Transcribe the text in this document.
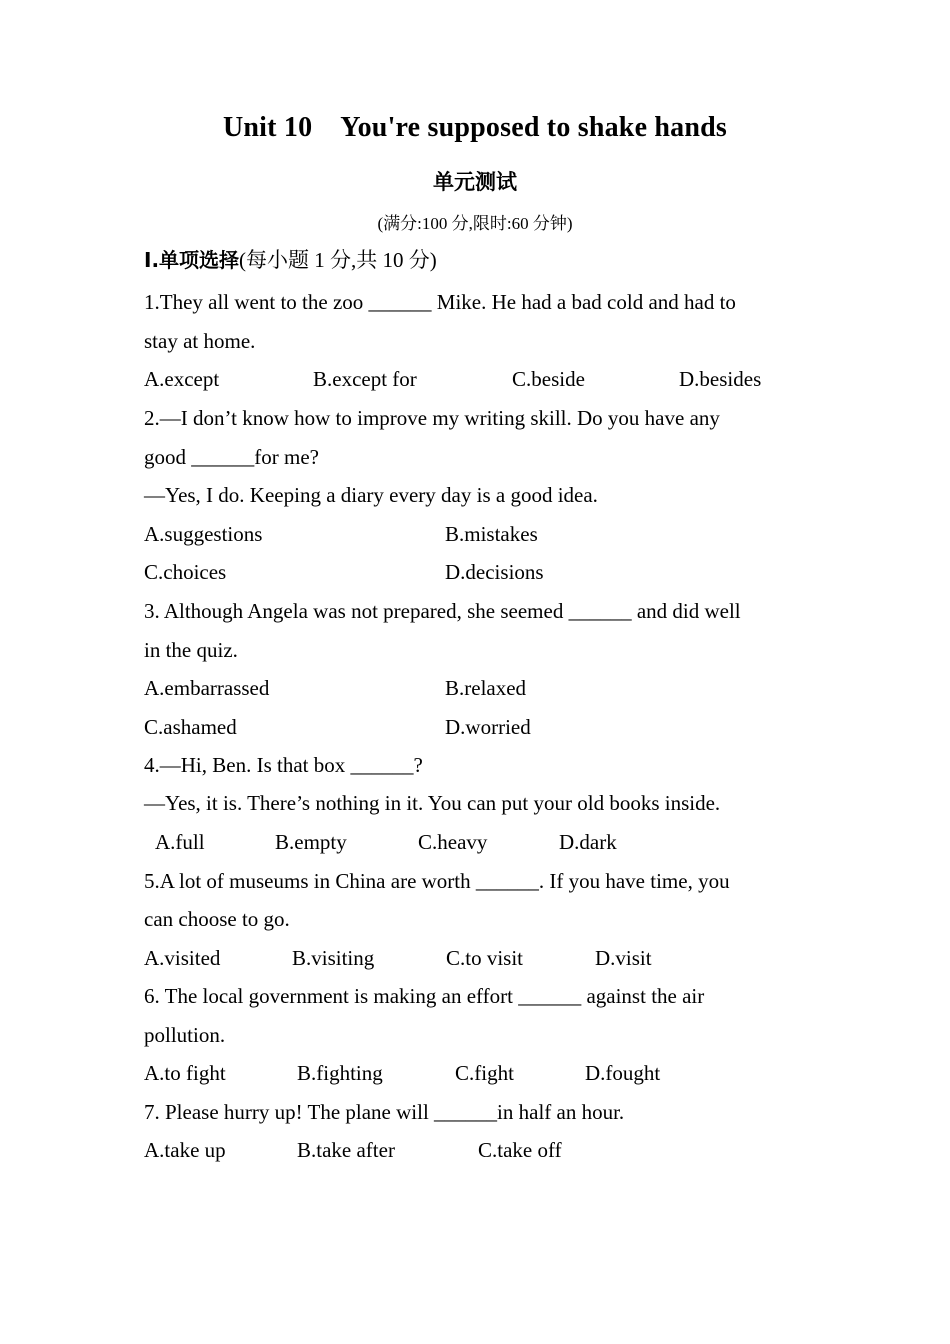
Unit 10 You're supposed to shake hands
单元测试
(满分:100 分,限时:60 分钟)
I.单项选择(每小题 1 分,共 10 分)
1.They all went to the zoo ______ Mike. He had a bad cold and had to
stay at home.
A.except	B.except for	C.beside	D.besides
2.—I don’t know how to improve my writing skill. Do you have any
good ______for me?
—Yes, I do. Keeping a diary every day is a good idea.
A.suggestions	B.mistakes
C.choices	D.decisions
3. Although Angela was not prepared, she seemed ______ and did well
in the quiz.
A.embarrassed	B.relaxed
C.ashamed	D.worried
4.—Hi, Ben. Is that box ______?
—Yes, it is. There’s nothing in it. You can put your old books inside.
A.full	B.empty	C.heavy	D.dark
5.A lot of museums in China are worth ______. If you have time, you
can choose to go.
A.visited	B.visiting	C.to visit	D.visit
6. The local government is making an effort ______ against the air
pollution.
A.to fight	B.fighting	C.fight	D.fought
7. Please hurry up! The plane will ______in half an hour.
A.take up	B.take after	C.take off
